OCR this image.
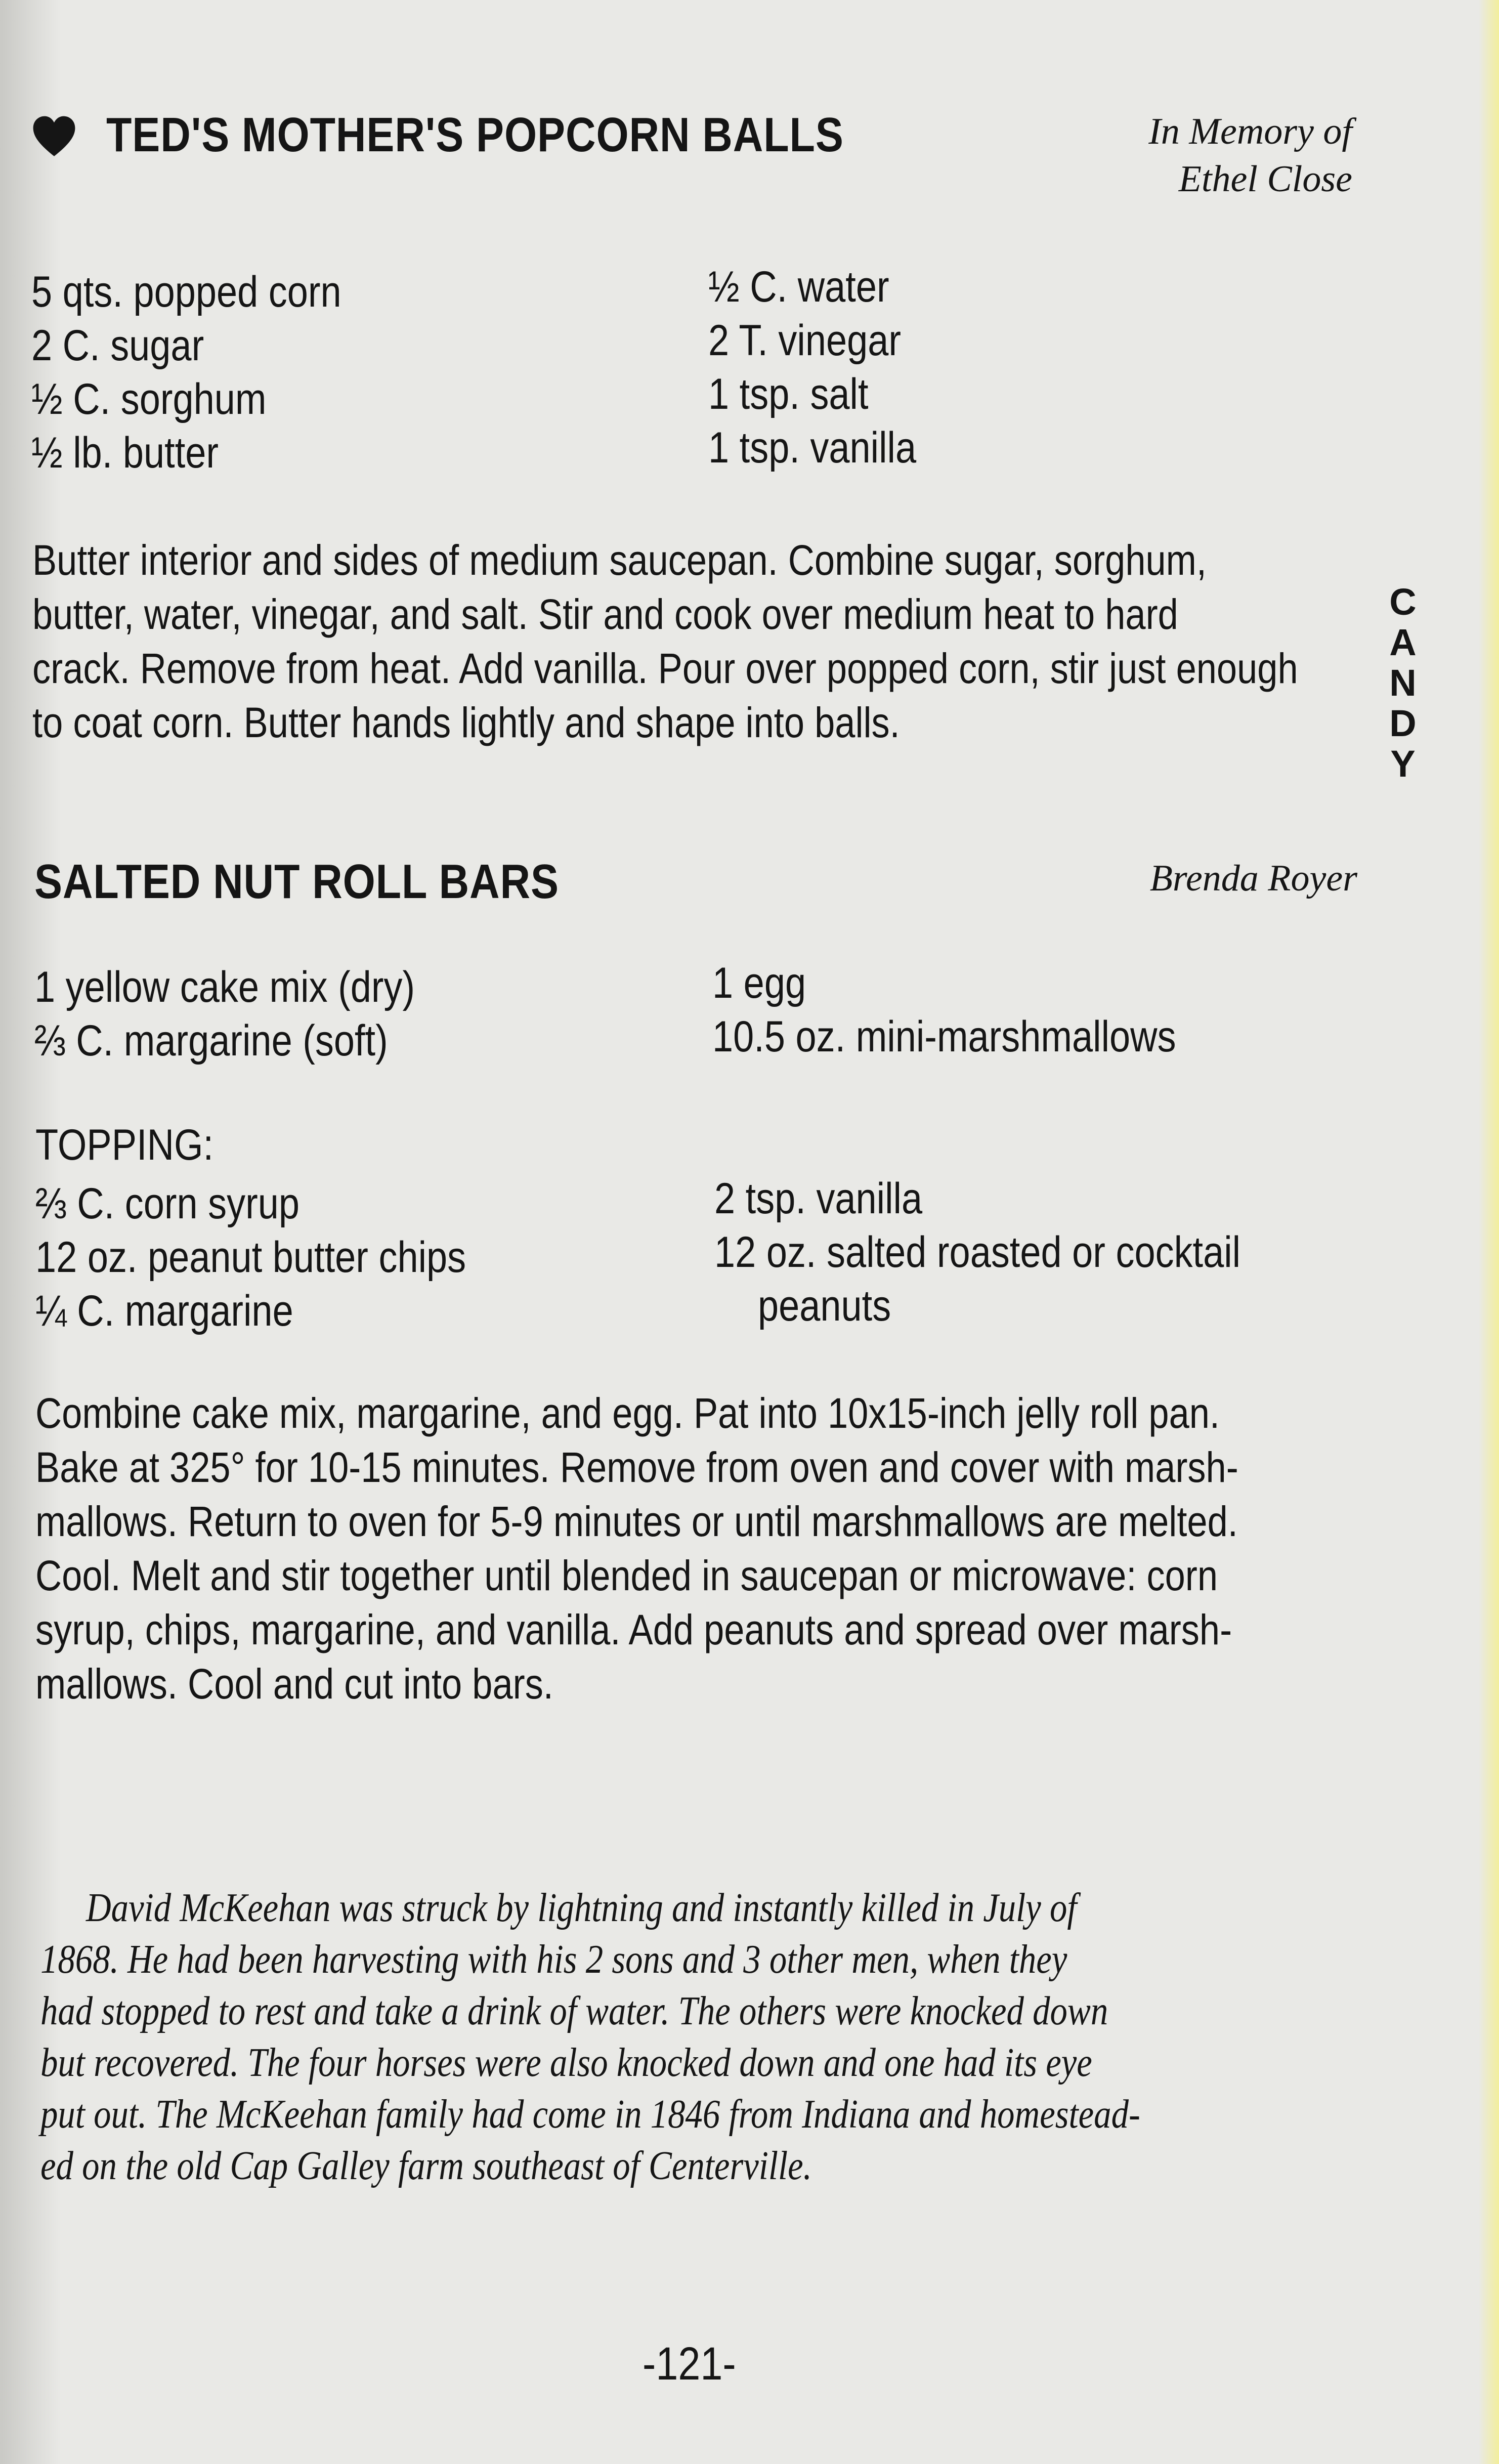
TED'S MOTHER'S POPCORN BALLS	In Memory of
Ethel Close
5 qts. popped corn
2 C. sugar
½ C. sorghum
½ lb. butter
½ C. water
2 T. vinegar
1 tsp. salt
1 tsp. vanilla
Butter interior and sides of medium saucepan. Combine sugar, sorghum,
butter, water, vinegar, and salt. Stir and cook over medium heat to hard
crack. Remove from heat. Add vanilla. Pour over popped corn, stir just enough
to coat corn. Butter hands lightly and shape into balls.
C
A
N
D
Y
SALTED NUT ROLL BARS	Brenda Royer
1 yellow cake mix (dry)
⅔ C. margarine (soft)
1 egg
10.5 oz. mini-marshmallows
TOPPING:
⅔ C. corn syrup
12 oz. peanut butter chips
¼ C. margarine
2 tsp. vanilla
12 oz. salted roasted or cocktail
peanuts
Combine cake mix, margarine, and egg. Pat into 10x15-inch jelly roll pan.
Bake at 325° for 10-15 minutes. Remove from oven and cover with marsh-
mallows. Return to oven for 5-9 minutes or until marshmallows are melted.
Cool. Melt and stir together until blended in saucepan or microwave: corn
syrup, chips, margarine, and vanilla. Add peanuts and spread over marsh-
mallows. Cool and cut into bars.
David McKeehan was struck by lightning and instantly killed in July of
1868. He had been harvesting with his 2 sons and 3 other men, when they
had stopped to rest and take a drink of water. The others were knocked down
but recovered. The four horses were also knocked down and one had its eye
put out. The McKeehan family had come in 1846 from Indiana and homestead-
ed on the old Cap Galley farm southeast of Centerville.
-121-
